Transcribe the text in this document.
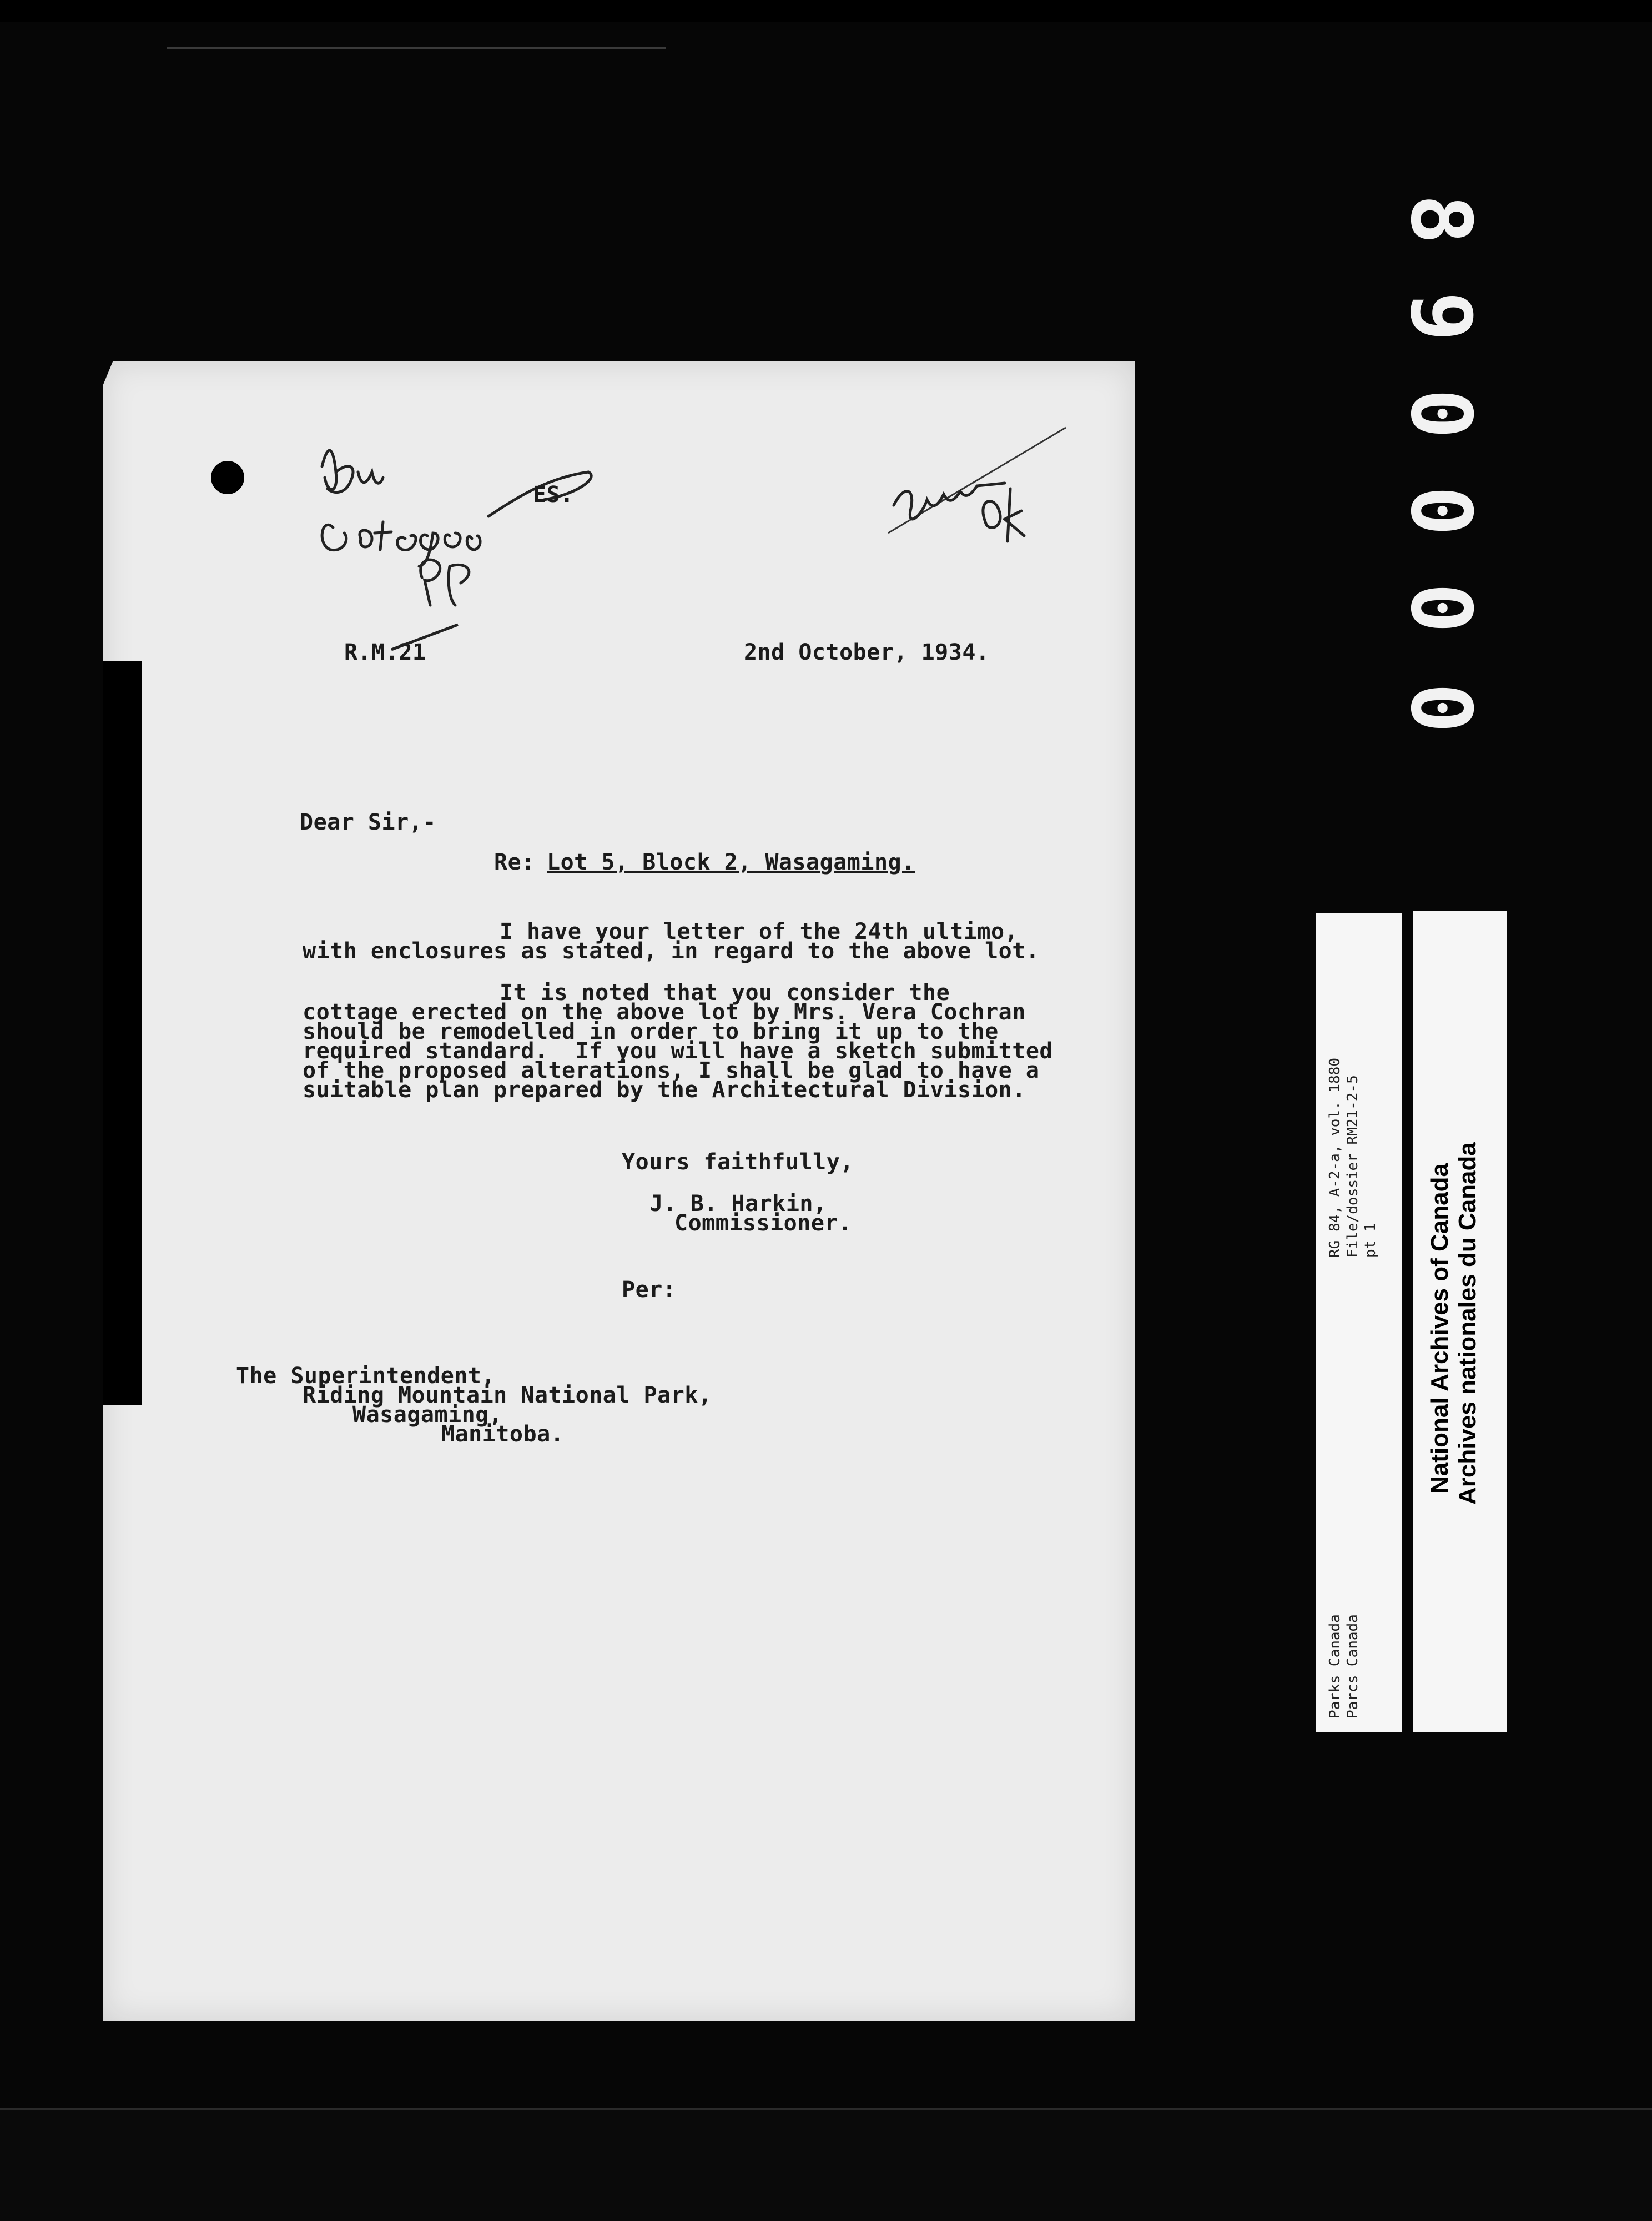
8
9
0
0
0
0
ES.
R.M.21	2nd October, 1934.
Dear Sir,-
Re: Lot 5, Block 2, Wasagaming.
I have your letter of the 24th ultimo,
with enclosures as stated, in regard to the above lot.
It is noted that you consider the
cottage erected on the above lot by Mrs. Vera Cochran
should be remodelled in order to bring it up to the
required standard.  If you will have a sketch submitted
of the proposed alterations, I shall be glad to have a
suitable plan prepared by the Architectural Division.
Yours faithfully,
J. B. Harkin,
Commissioner.
Per:
The Superintendent,
Riding Mountain National Park,
Wasagaming,
Manitoba.
RG 84, A-2-a, vol. 1880 File/dossier RM21-2-5 pt 1
Parks Canada Parcs Canada
National Archives of Canada Archives nationales du Canada
